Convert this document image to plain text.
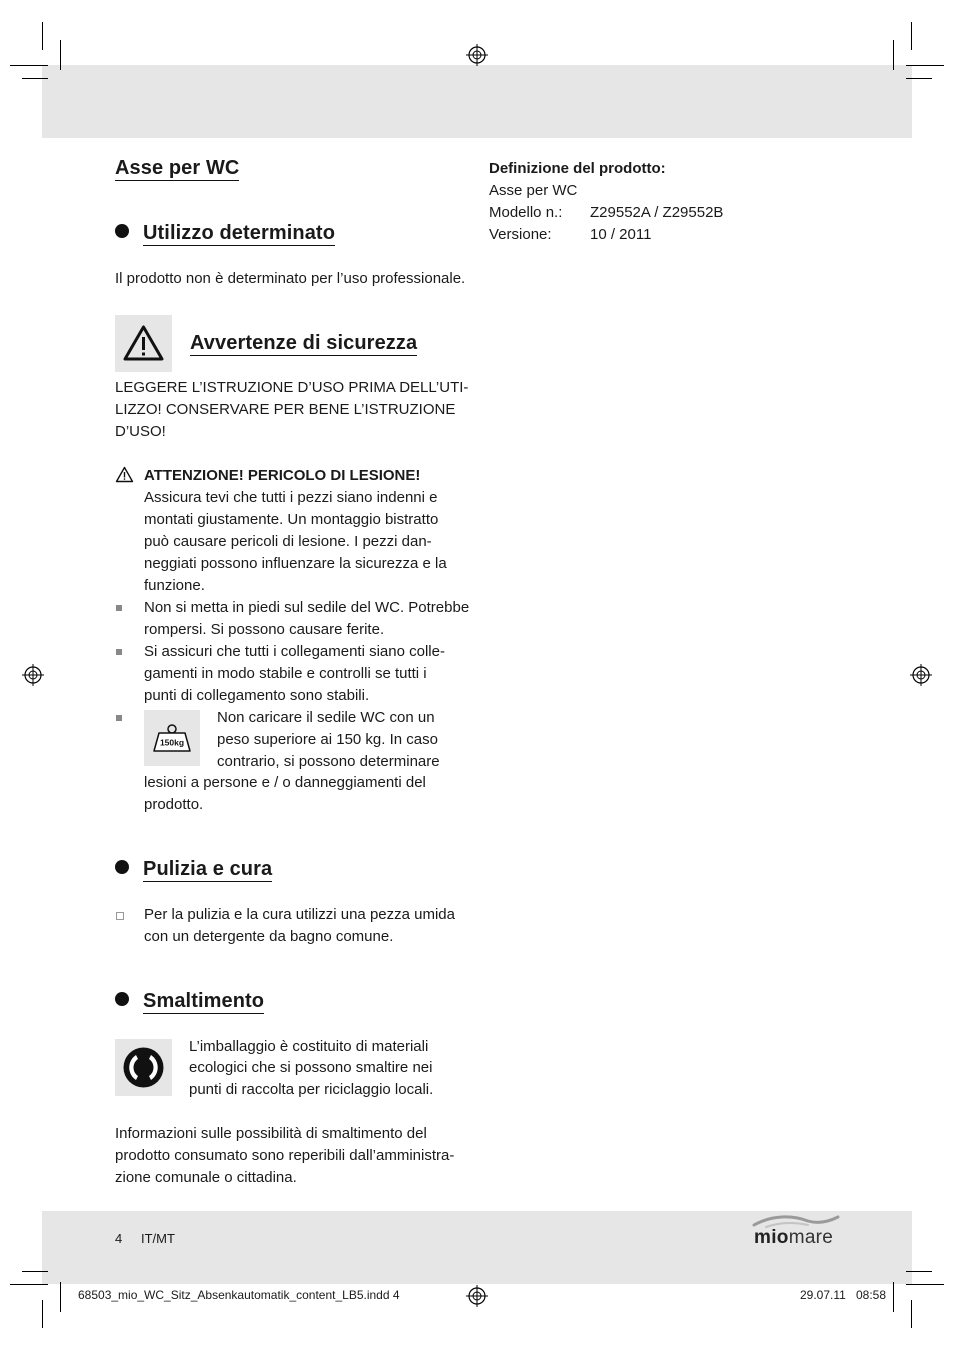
Asse per WC
Utilizzo determinato
Il prodotto non è determinato per l’uso professionale.
Avvertenze di sicurezza
LEGGERE L’ISTRUZIONE D’USO PRIMA DELL’UTI-
LIZZO! CONSERVARE PER BENE L’ISTRUZIONE
D’USO!
ATTENZIONE! PERICOLO DI LESIONE!
Assicura tevi che tutti i pezzi siano indenni e
montati giustamente. Un montaggio bistratto
può causare pericoli di lesione. I pezzi dan-
neggiati possono influenzare la sicurezza e la
funzione.
Non si metta in piedi sul sedile del WC. Potrebbe
rompersi. Si possono causare ferite.
Si assicuri che tutti i collegamenti siano colle-
gamenti in modo stabile e controlli se tutti i
punti di collegamento sono stabili.
150kg
Non caricare il sedile WC con un
peso superiore ai 150 kg. In caso
contrario, si possono determinare
lesioni a persone e / o danneggiamenti del
prodotto.
Pulizia e cura
Per la pulizia e la cura utilizzi una pezza umida
con un detergente da bagno comune.
Smaltimento
L’imballaggio è costituito di materiali
ecologici che si possono smaltire nei
punti di raccolta per riciclaggio locali.
Informazioni sulle possibilità di smaltimento del
prodotto consumato sono reperibili dall’amministra-
zione comunale o cittadina.
Definizione del prodotto:
Asse per WC
Modello n.: Z29552A / Z29552B
Versione:	10 / 2011
4 IT/MT	miomare
68503_mio_WC_Sitz_Absenkautomatik_content_LB5.indd 4	29.07.11 08:58
